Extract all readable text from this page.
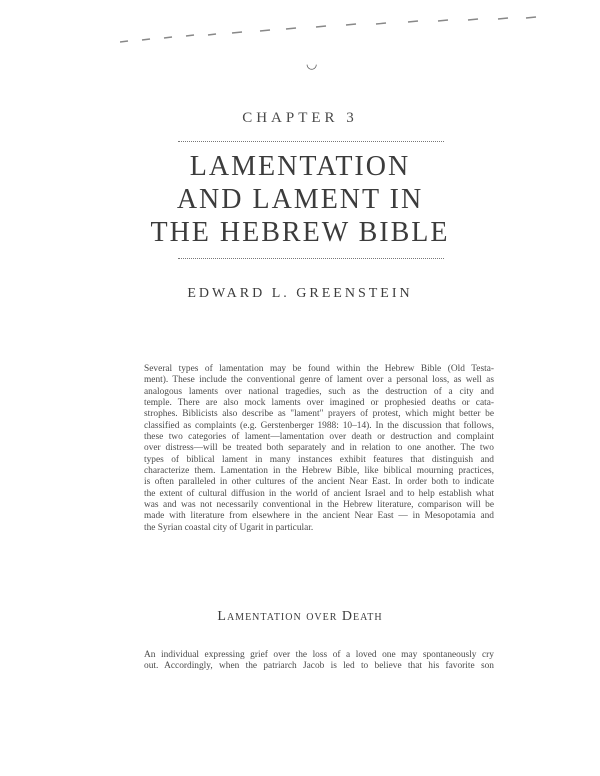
◡
CHAPTER 3
LAMENTATION
AND LAMENT IN
THE HEBREW BIBLE
EDWARD L. GREENSTEIN
Several types of lamentation may be found within the Hebrew Bible (Old Testa-
ment). These include the conventional genre of lament over a personal loss, as well as
analogous laments over national tragedies, such as the destruction of a city and
temple. There are also mock laments over imagined or prophesied deaths or cata-
strophes. Biblicists also describe as "lament" prayers of protest, which might better be
classified as complaints (e.g. Gerstenberger 1988: 10–14). In the discussion that follows,
these two categories of lament—lamentation over death or destruction and complaint
over distress—will be treated both separately and in relation to one another. The two
types of biblical lament in many instances exhibit features that distinguish and
characterize them. Lamentation in the Hebrew Bible, like biblical mourning practices,
is often paralleled in other cultures of the ancient Near East. In order both to indicate
the extent of cultural diffusion in the world of ancient Israel and to help establish what
was and was not necessarily conventional in the Hebrew literature, comparison will be
made with literature from elsewhere in the ancient Near East — in Mesopotamia and
the Syrian coastal city of Ugarit in particular.
Lamentation over Death
An individual expressing grief over the loss of a loved one may spontaneously cry
out. Accordingly, when the patriarch Jacob is led to believe that his favorite son
